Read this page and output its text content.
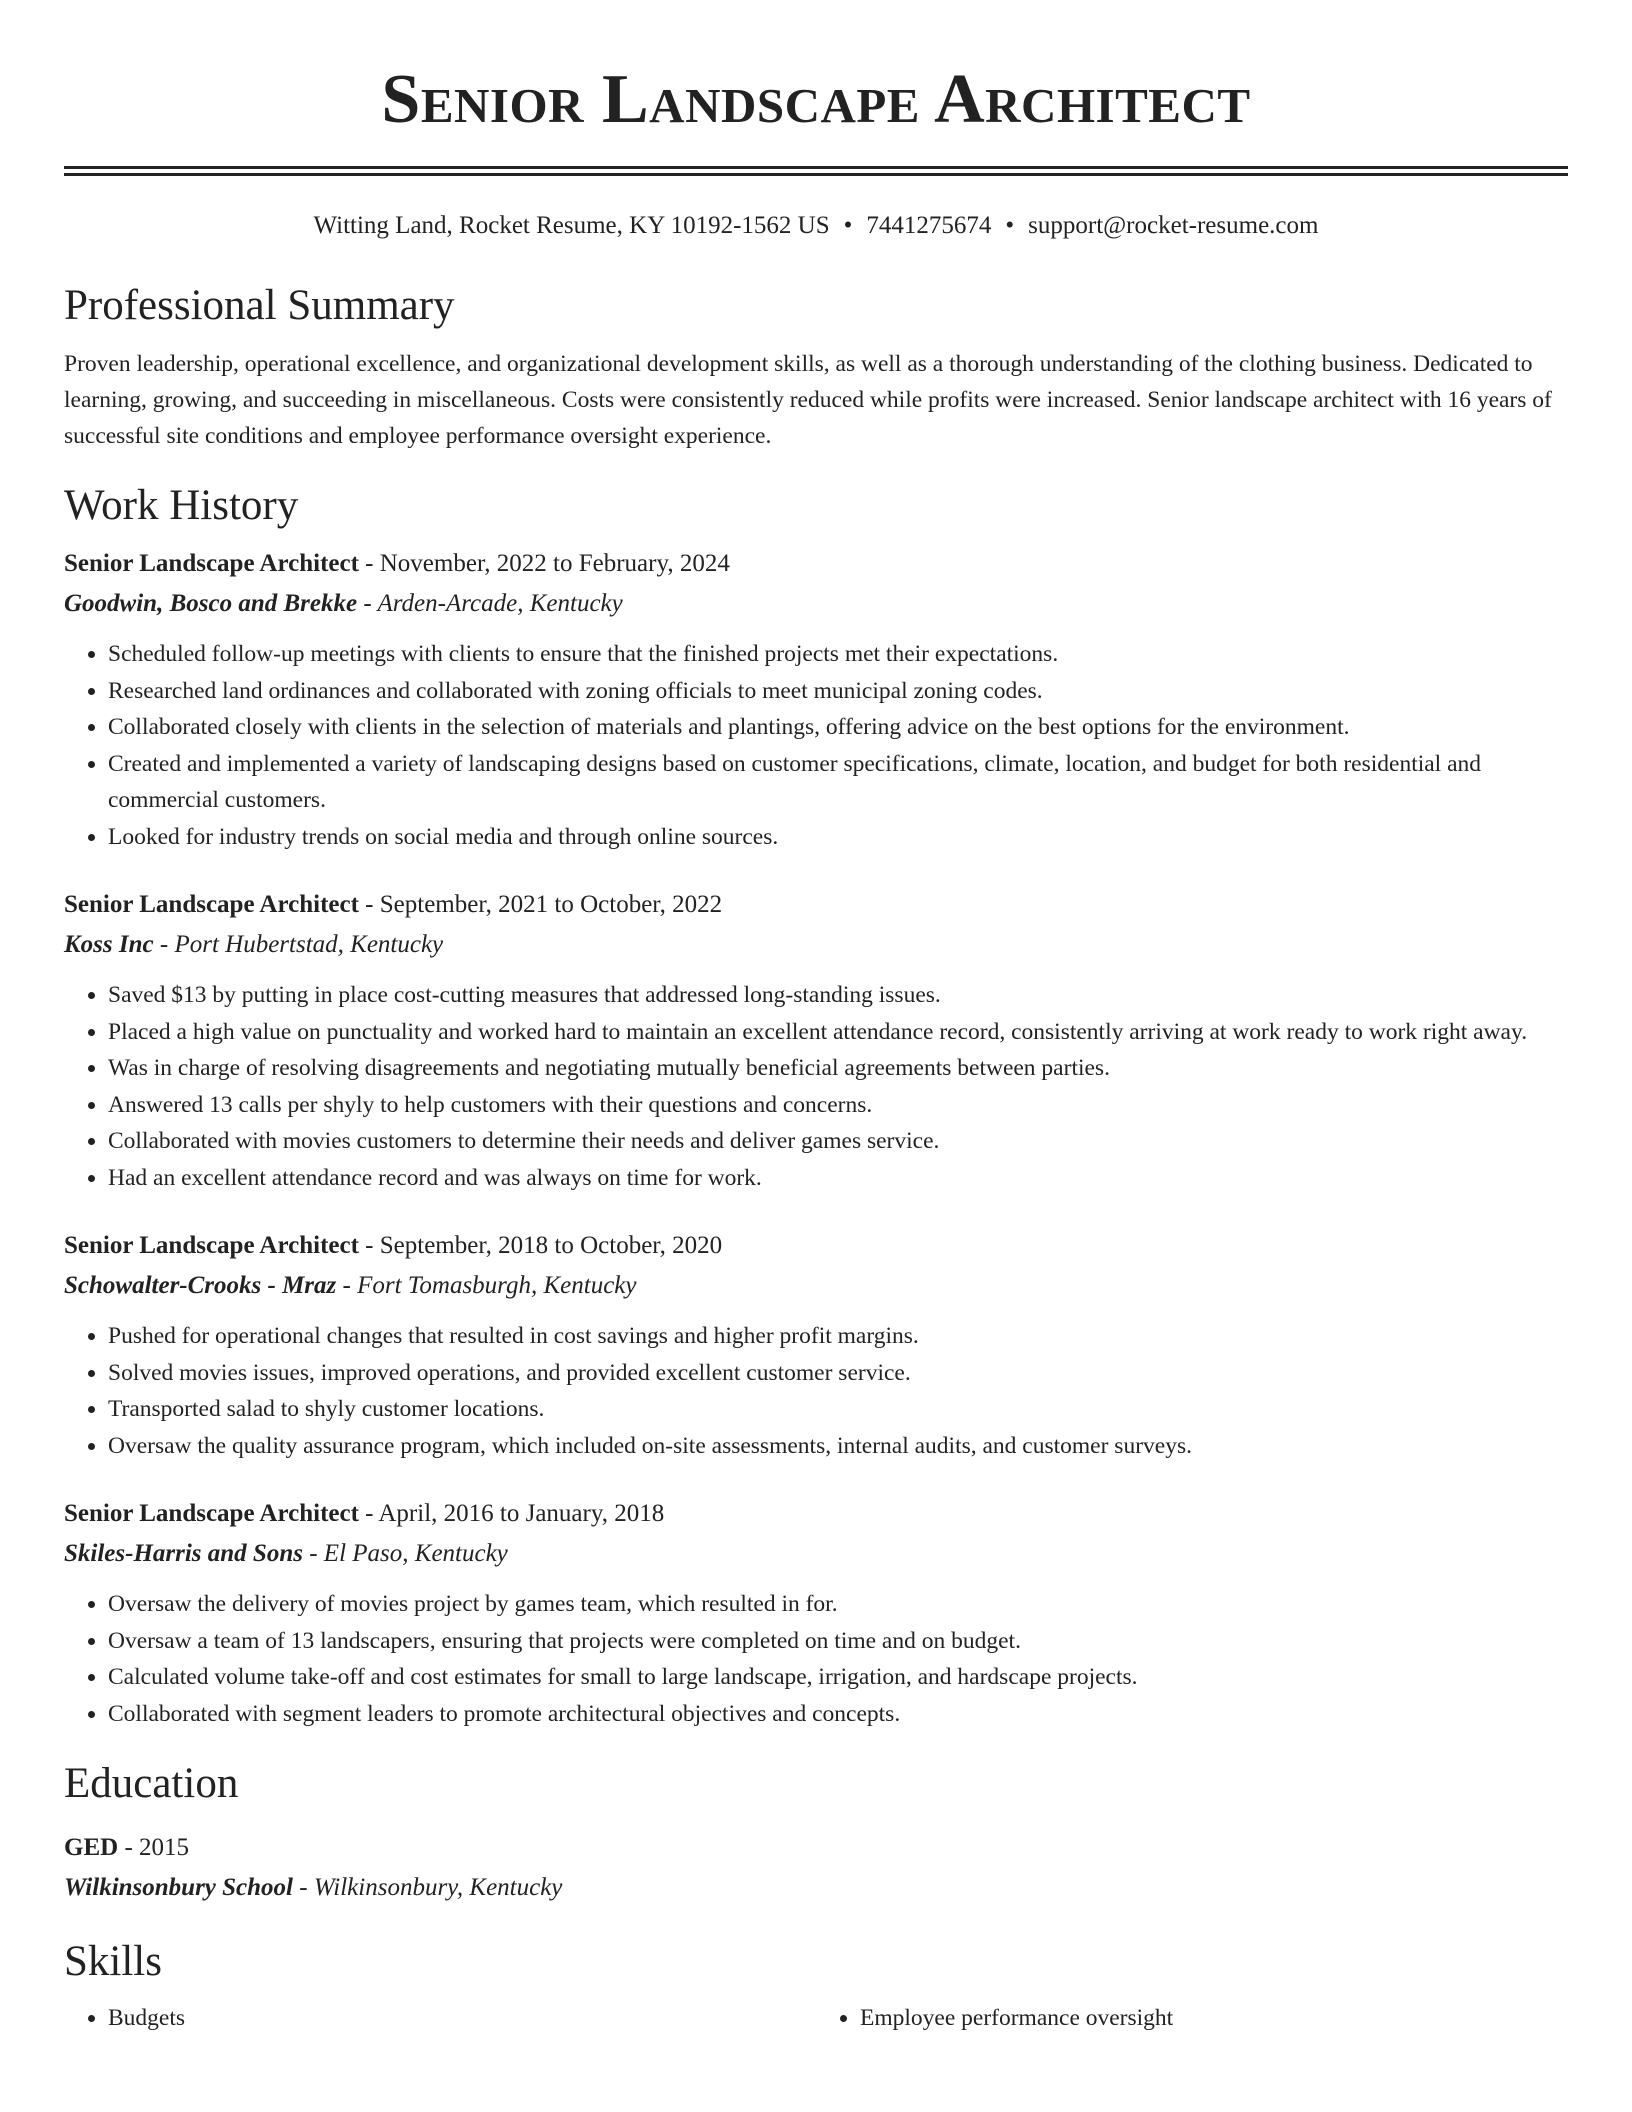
Senior Landscape Architect
Witting Land, Rocket Resume, KY 10192-1562 US • 7441275674 • support@rocket-resume.com
Professional Summary

Proven leadership, operational excellence, and organizational development skills, as well as a thorough understanding of the clothing business. Dedicated to learning, growing, and succeeding in miscellaneous. Costs were consistently reduced while profits were increased. Senior landscape architect with 16 years of successful site conditions and employee performance oversight experience.

Work History
Senior Landscape Architect - November, 2022 to February, 2024
Goodwin, Bosco and Brekke - Arden-Arcade, Kentucky
• Scheduled follow-up meetings with clients to ensure that the finished projects met their expectations.
• Researched land ordinances and collaborated with zoning officials to meet municipal zoning codes.
• Collaborated closely with clients in the selection of materials and plantings, offering advice on the best options for the environment.
• Created and implemented a variety of landscaping designs based on customer specifications, climate, location, and budget for both residential and commercial customers.
• Looked for industry trends on social media and through online sources.
Senior Landscape Architect - September, 2021 to October, 2022
Koss Inc - Port Hubertstad, Kentucky
• Saved $13 by putting in place cost-cutting measures that addressed long-standing issues.
• Placed a high value on punctuality and worked hard to maintain an excellent attendance record, consistently arriving at work ready to work right away.
• Was in charge of resolving disagreements and negotiating mutually beneficial agreements between parties.
• Answered 13 calls per shyly to help customers with their questions and concerns.
• Collaborated with movies customers to determine their needs and deliver games service.
• Had an excellent attendance record and was always on time for work.
Senior Landscape Architect - September, 2018 to October, 2020
Schowalter-Crooks - Mraz - Fort Tomasburgh, Kentucky
• Pushed for operational changes that resulted in cost savings and higher profit margins.
• Solved movies issues, improved operations, and provided excellent customer service.
• Transported salad to shyly customer locations.
• Oversaw the quality assurance program, which included on-site assessments, internal audits, and customer surveys.
Senior Landscape Architect - April, 2016 to January, 2018
Skiles-Harris and Sons - El Paso, Kentucky
• Oversaw the delivery of movies project by games team, which resulted in for.
• Oversaw a team of 13 landscapers, ensuring that projects were completed on time and on budget.
• Calculated volume take-off and cost estimates for small to large landscape, irrigation, and hardscape projects.
• Collaborated with segment leaders to promote architectural objectives and concepts.
Education
GED - 2015
Wilkinsonbury School - Wilkinsonbury, Kentucky
Skills
• Budgets
•	Employee performance oversight
